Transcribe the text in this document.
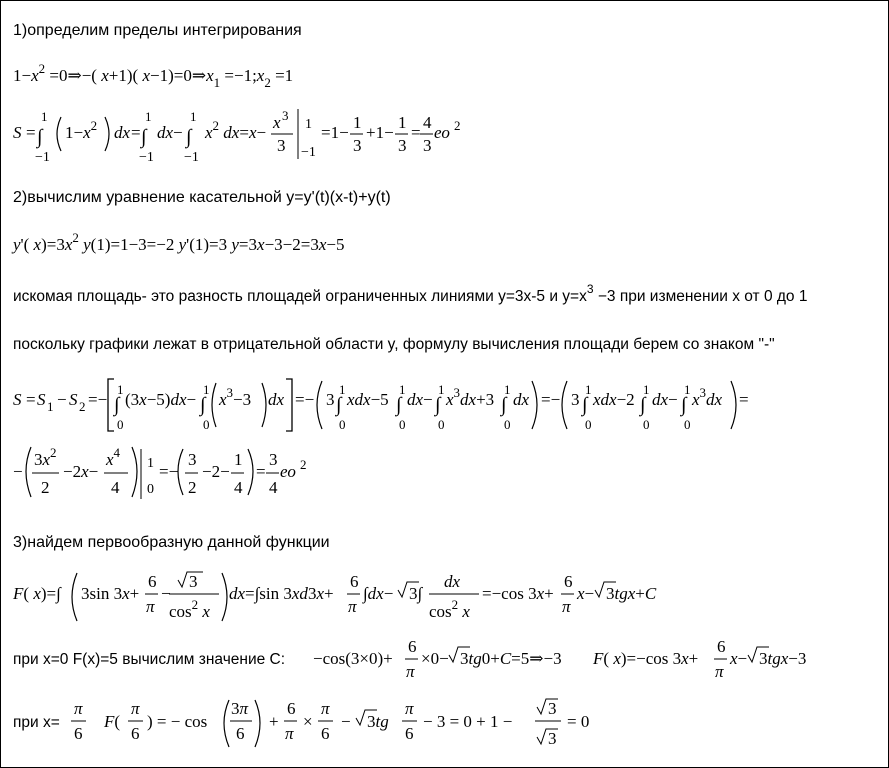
1)определим пределы интегрирования
$1-x^2$ =0⇒−( x+1)( $x-1)=0\Rightarrow x_1$ $=-1;x_2 =1$
S = ∫
1
−1
$1-x^2$ dx = ∫
1
−1
dx − ∫
1
−1
$x^2$ dx=x−
x 3
3
1
−1
=1−
1
3
+1−
1
3
=
4
3
ео 2
2)вычислим уравнение касательной y=y'(t)(x-t)+y(t)
y'( $x)=3x^2$ y(1)=1−3=−2 y'(1)=3 y=3x−3−2=3x−5
искомая площадь- это разность площадей ограниченных линиями y=3x-5 и $y=x^3 -3$ при изменении x от 0 до 1
поскольку графики лежат в отрицательной области y, формулу вычисления площади берем со знаком "-"
S = S 1 − S 2 =−
1
∫
0
(3x−5)dx−
1
∫
0
$x^3-3$ dx =− 3
1
∫
0
xdx−5
1
∫
0
dx−
1
∫
0
$x^3dx+3$
1
∫
0
dx =− 3
1
∫
0
xdx−2
1
∫
0
dx−
1
∫
0
$x^3dx$ =
−
$3x^2$
2
−2x−
$x^4$
4
1
0
=−
3
2
−2−
1
4
=
3
4
ео 2
3)найдем первообразную данной функции
F( x)=∫ 3sin 3x+
6
π
−
3
$\cos^2 x$
dx=∫sin 3xd3x+
6
π
∫dx− 3∫
dx
$\cos^2 x$
=−cos 3x+
6
π
x− 3tgx+C
при x=0 F(x)=5 вычислим значение C: −cos(3×0)+
6
π
×0− 3tg0+C=5⇒−3 F( x)=−cos 3x+
6
π
x− 3tgx−3
при x=
π
6
F(
π
6
) = − cos
3π
6
+
6
π
×
π
6
− 3tg
π
6
− 3 = 0 + 1 −
3
3
= 0
